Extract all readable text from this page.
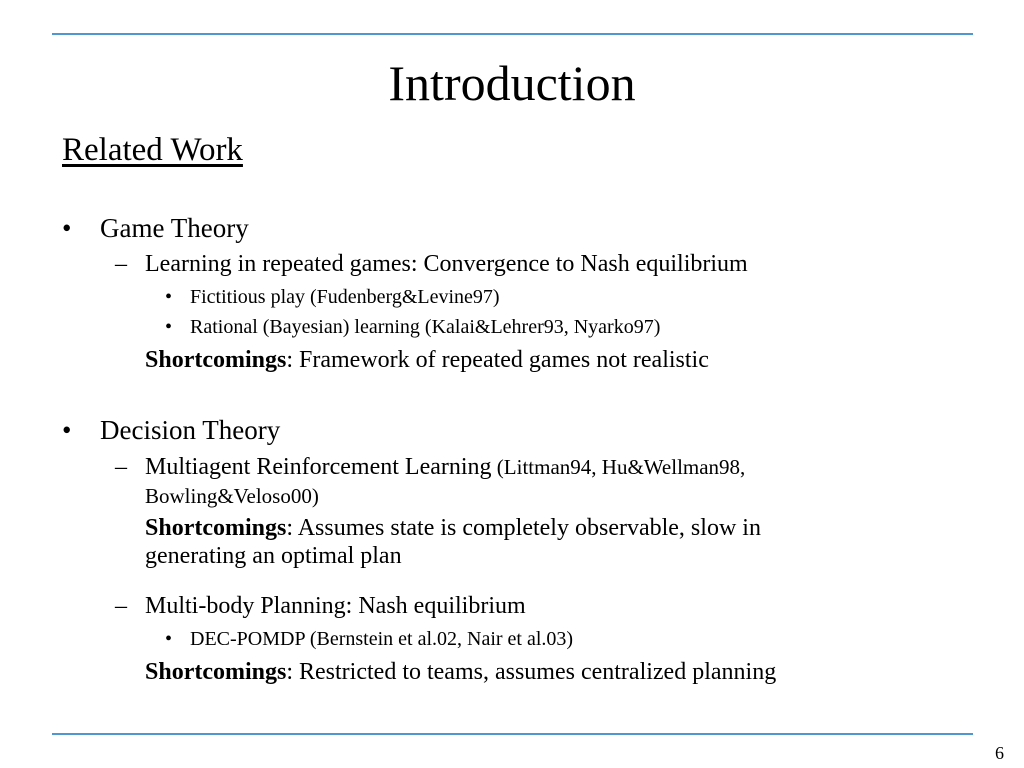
Introduction
Related Work
• Game Theory
– Learning in repeated games: Convergence to Nash equilibrium
• Fictitious play (Fudenberg&Levine97)
• Rational (Bayesian) learning (Kalai&Lehrer93, Nyarko97)
Shortcomings: Framework of repeated games not realistic
• Decision Theory
– Multiagent Reinforcement Learning (Littman94, Hu&Wellman98,
Bowling&Veloso00)
Shortcomings: Assumes state is completely observable, slow in
generating an optimal plan
– Multi-body Planning: Nash equilibrium
• DEC-POMDP (Bernstein et al.02, Nair et al.03)
Shortcomings: Restricted to teams, assumes centralized planning
6
